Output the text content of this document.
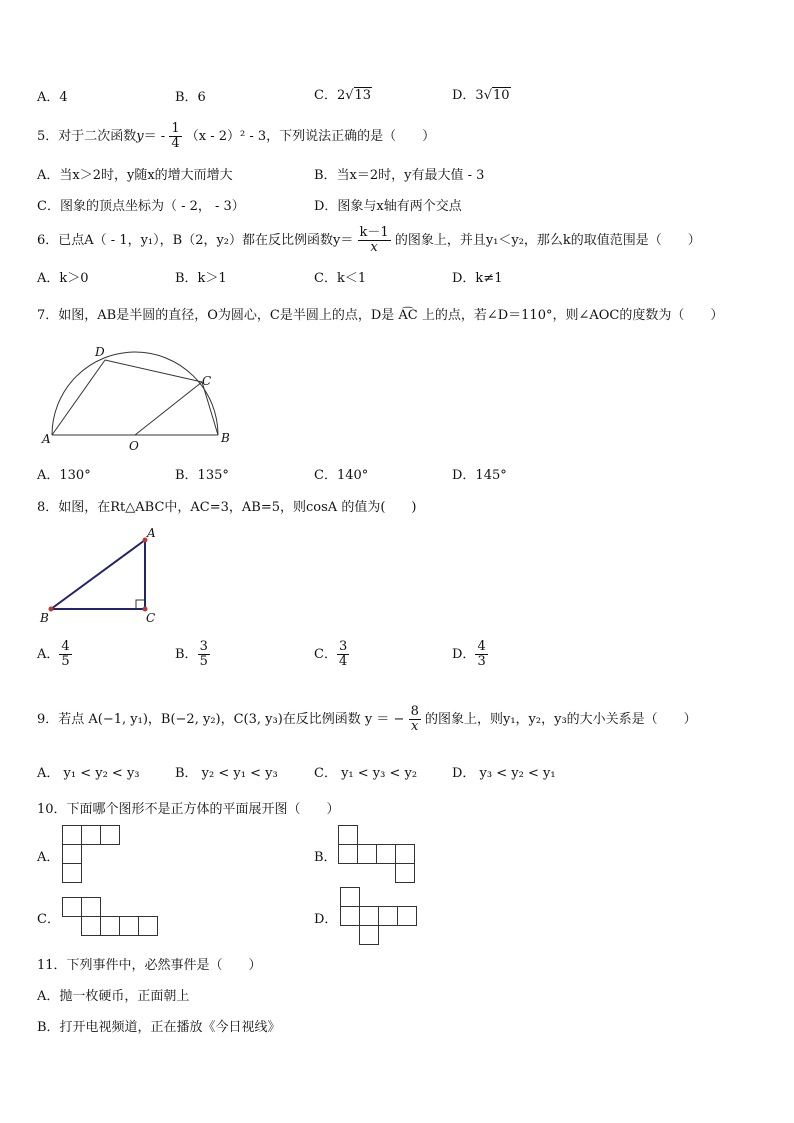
A．4	B．6	C．2√13	D．3√10
5．对于二次函数$y= - \frac{1}{4} (x - 2)^2 - 3$，下列说法正确的是（　　）
A．当x＞2时，y随x的增大而增大	B．当x＝2时，y有最大值 - 3
C．图象的顶点坐标为（ - 2， - 3）	D．图象与x轴有两个交点
6．已点A（ - 1，y₁），B（2，y₂）都在反比例函数$y= \frac{k-1}{x}$ 的图象上，并且y₁＜y₂，那么k的取值范围是（　　）
A．k＞0	B．k＞1	C．k＜1	D．k≠1
7．如图，AB是半圆的直径，O为圆心，C是半圆上的点，D是 A͡C 上的点，若∠D＝110°，则∠AOC的度数为（　　）
D
C
A	O
B
A．130°	B．135°	C．140°	D．145°
8．如图，在Rt△ABC中，AC=3，AB=5，则cosA 的值为(　　)
A
B	C
A． $\frac{4}{5}$	B． $\frac{3}{5}$	C． $\frac{3}{4}$	D． $\frac{4}{3}$
9．若点 A(−1, y₁)，B(−2, y₂)，C(3, y₃)在反比例函数 y ＝ − $\frac{8}{x}$ 的图象上，则y₁，y₂，y₃的大小关系是（　　）
A． y₁ < y₂ < y₃	B． y₂ < y₁ < y₃	C． y₁ < y₃ < y₂	D． y₃ < y₂ < y₁
10．下面哪个图形不是正方体的平面展开图（　　）
A．	B．
C．	D．
11．下列事件中，必然事件是（　　）
A．抛一枚硬币，正面朝上
B．打开电视频道，正在播放《今日视线》
